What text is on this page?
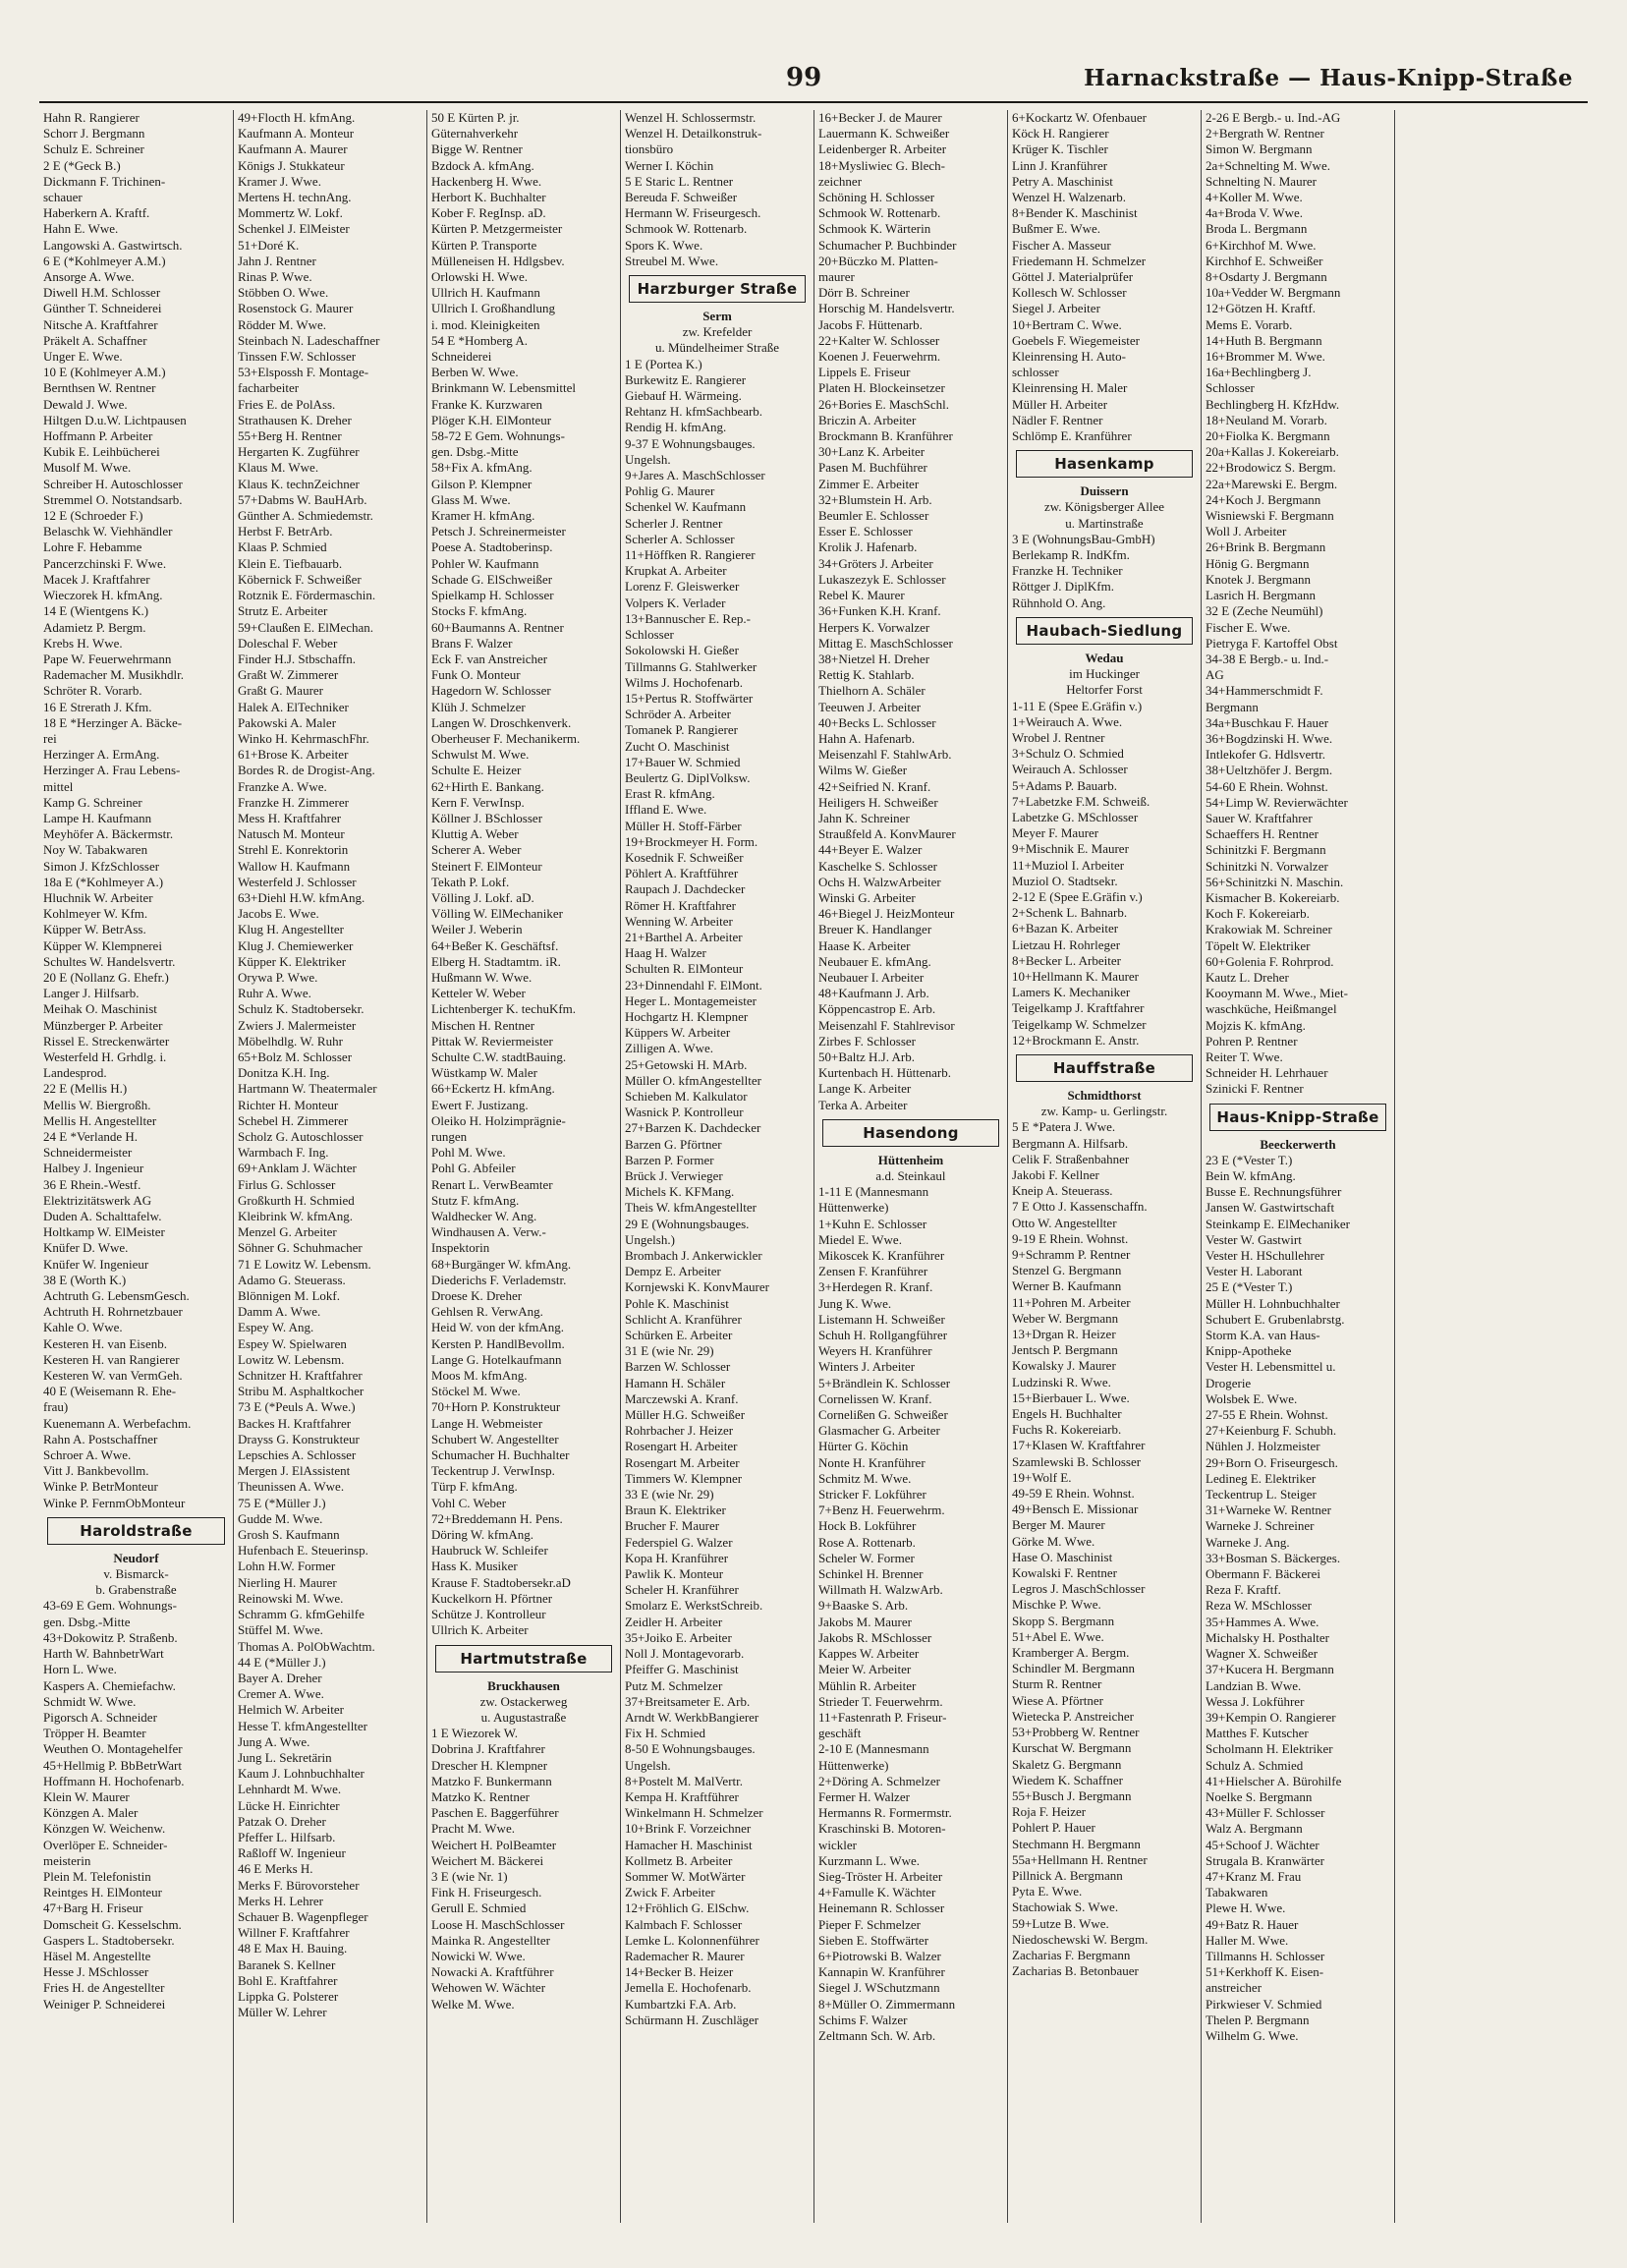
99	Harnackstraße — Haus-Knipp-Straße
Hahn R. Rangierer
Schorr J. Bergmann
Schulz E. Schreiner
2 E (*Geck B.)
Dickmann F. Trichinen-
schauer
Haberkern A. Kraftf.
Hahn E. Wwe.
Langowski A. Gastwirtsch.
6 E (*Kohlmeyer A.M.)
Ansorge A. Wwe.
Diwell H.M. Schlosser
Günther T. Schneiderei
Nitsche A. Kraftfahrer
Präkelt A. Schaffner
Unger E. Wwe.
10 E (Kohlmeyer A.M.)
Bernthsen W. Rentner
Dewald J. Wwe.
Hiltgen D.u.W. Lichtpausen
Hoffmann P. Arbeiter
Kubik E. Leihbücherei
Musolf M. Wwe.
Schreiber H. Autoschlosser
Stremmel O. Notstandsarb.
12 E (Schroeder F.)
Belaschk W. Viehhändler
Lohre F. Hebamme
Pancerzchinski F. Wwe.
Macek J. Kraftfahrer
Wieczorek H. kfmAng.
14 E (Wientgens K.)
Adamietz P. Bergm.
Krebs H. Wwe.
Pape W. Feuerwehrmann
Rademacher M. Musikhdlr.
Schröter R. Vorarb.
16 E Strerath J. Kfm.
18 E *Herzinger A. Bäcke-
rei
Herzinger A. ErmAng.
Herzinger A. Frau Lebens-
mittel
Kamp G. Schreiner
Lampe H. Kaufmann
Meyhöfer A. Bäckermstr.
Noy W. Tabakwaren
Simon J. KfzSchlosser
18a E (*Kohlmeyer A.)
Hluchnik W. Arbeiter
Kohlmeyer W. Kfm.
Küpper W. BetrAss.
Küpper W. Klempnerei
Schultes W. Handelsvertr.
20 E (Nollanz G. Ehefr.)
Langer J. Hilfsarb.
Meihak O. Maschinist
Münzberger P. Arbeiter
Rissel E. Streckenwärter
Westerfeld H. Grhdlg. i.
Landesprod.
22 E (Mellis H.)
Mellis W. Biergroßh.
Mellis H. Angestellter
24 E *Verlande H.
Schneidermeister
Halbey J. Ingenieur
36 E Rhein.-Westf.
Elektrizitätswerk AG
Duden A. Schalttafelw.
Holtkamp W. ElMeister
Knüfer D. Wwe.
Knüfer W. Ingenieur
38 E (Worth K.)
Achtruth G. LebensmGesch.
Achtruth H. Rohrnetzbauer
Kahle O. Wwe.
Kesteren H. van Eisenb.
Kesteren H. van Rangierer
Kesteren W. van VermGeh.
40 E (Weisemann R. Ehe-
frau)
Kuenemann A. Werbefachm.
Rahn A. Postschaffner
Schroer A. Wwe.
Vitt J. Bankbevollm.
Winke P. BetrMonteur
Winke P. FernmObMonteur
Haroldstraße
Neudorf
v. Bismarck-
b. Grabenstraße
43-69 E Gem. Wohnungs-
gen. Dsbg.-Mitte
43+Dokowitz P. Straßenb.
Harth W. BahnbetrWart
Horn L. Wwe.
Kaspers A. Chemiefachw.
Schmidt W. Wwe.
Pigorsch A. Schneider
Tröpper H. Beamter
Weuthen O. Montagehelfer
45+Hellmig P. BbBetrWart
Hoffmann H. Hochofenarb.
Klein W. Maurer
Könzgen A. Maler
Könzgen W. Weichenw.
Overlöper E. Schneider-
meisterin
Plein M. Telefonistin
Reintges H. ElMonteur
47+Barg H. Friseur
Domscheit G. Kesselschm.
Gaspers L. Stadtobersekr.
Häsel M. Angestellte
Hesse J. MSchlosser
Fries H. de Angestellter
Weiniger P. Schneiderei
49+Flocth H. kfmAng.
Kaufmann A. Monteur
Kaufmann A. Maurer
Königs J. Stukkateur
Kramer J. Wwe.
Mertens H. technAng.
Mommertz W. Lokf.
Schenkel J. ElMeister
51+Doré K.
Jahn J. Rentner
Rinas P. Wwe.
Stöbben O. Wwe.
Rosenstock G. Maurer
Rödder M. Wwe.
Steinbach N. Ladeschaffner
Tinssen F.W. Schlosser
53+Elspossh F. Montage-
facharbeiter
Fries E. de PolAss.
Strathausen K. Dreher
55+Berg H. Rentner
Hergarten K. Zugführer
Klaus M. Wwe.
Klaus K. technZeichner
57+Dabms W. BauHArb.
Günther A. Schmiedemstr.
Herbst F. BetrArb.
Klaas P. Schmied
Klein E. Tiefbauarb.
Köbernick F. Schweißer
Rotznik E. Fördermaschin.
Strutz E. Arbeiter
59+Claußen E. ElMechan.
Doleschal F. Weber
Finder H.J. Stbschaffn.
Graßt W. Zimmerer
Graßt G. Maurer
Halek A. ElTechniker
Pakowski A. Maler
Winko H. KehrmaschFhr.
61+Brose K. Arbeiter
Bordes R. de Drogist-Ang.
Franzke A. Wwe.
Franzke H. Zimmerer
Mess H. Kraftfahrer
Natusch M. Monteur
Strehl E. Konrektorin
Wallow H. Kaufmann
Westerfeld J. Schlosser
63+Diehl H.W. kfmAng.
Jacobs E. Wwe.
Klug H. Angestellter
Klug J. Chemiewerker
Küpper K. Elektriker
Orywa P. Wwe.
Ruhr A. Wwe.
Schulz K. Stadtobersekr.
Zwiers J. Malermeister
Möbelhdlg. W. Ruhr
65+Bolz M. Schlosser
Donitza K.H. Ing.
Hartmann W. Theatermaler
Richter H. Monteur
Schebel H. Zimmerer
Scholz G. Autoschlosser
Warmbach F. Ing.
69+Anklam J. Wächter
Firlus G. Schlosser
Großkurth H. Schmied
Kleibrink W. kfmAng.
Menzel G. Arbeiter
Söhner G. Schuhmacher
71 E Lowitz W. Lebensm.
Adamo G. Steuerass.
Blönnigen M. Lokf.
Damm A. Wwe.
Espey W. Ang.
Espey W. Spielwaren
Lowitz W. Lebensm.
Schnitzer H. Kraftfahrer
Stribu M. Asphaltkocher
73 E (*Peuls A. Wwe.)
Backes H. Kraftfahrer
Drayss G. Konstrukteur
Lepschies A. Schlosser
Mergen J. ElAssistent
Theunissen A. Wwe.
75 E (*Müller J.)
Gudde M. Wwe.
Grosh S. Kaufmann
Hufenbach E. Steuerinsp.
Lohn H.W. Former
Nierling H. Maurer
Reinowski M. Wwe.
Schramm G. kfmGehilfe
Stüffel M. Wwe.
Thomas A. PolObWachtm.
44 E (*Müller J.)
Bayer A. Dreher
Cremer A. Wwe.
Helmich W. Arbeiter
Hesse T. kfmAngestellter
Jung A. Wwe.
Jung L. Sekretärin
Kaum J. Lohnbuchhalter
Lehnhardt M. Wwe.
Lücke H. Einrichter
Patzak O. Dreher
Pfeffer L. Hilfsarb.
Raßloff W. Ingenieur
46 E Merks H.
Merks F. Bürovorsteher
Merks H. Lehrer
Schauer B. Wagenpfleger
Willner F. Kraftfahrer
48 E Max H. Bauing.
Baranek S. Kellner
Bohl E. Kraftfahrer
Lippka G. Polsterer
Müller W. Lehrer
50 E Kürten P. jr.
Güternahverkehr
Bigge W. Rentner
Bzdock A. kfmAng.
Hackenberg H. Wwe.
Herbort K. Buchhalter
Kober F. RegInsp. aD.
Kürten P. Metzgermeister
Kürten P. Transporte
Mülleneisen H. Hdlgsbev.
Orlowski H. Wwe.
Ullrich H. Kaufmann
Ullrich I. Großhandlung
i. mod. Kleinigkeiten
54 E *Homberg A.
Schneiderei
Berben W. Wwe.
Brinkmann W. Lebensmittel
Franke K. Kurzwaren
Plöger K.H. ElMonteur
58-72 E Gem. Wohnungs-
gen. Dsbg.-Mitte
58+Fix A. kfmAng.
Gilson P. Klempner
Glass M. Wwe.
Kramer H. kfmAng.
Petsch J. Schreinermeister
Poese A. Stadtoberinsp.
Pohler W. Kaufmann
Schade G. ElSchweißer
Spielkamp H. Schlosser
Stocks F. kfmAng.
60+Baumanns A. Rentner
Brans F. Walzer
Eck F. van Anstreicher
Funk O. Monteur
Hagedorn W. Schlosser
Klüh J. Schmelzer
Langen W. Droschkenverk.
Oberheuser F. Mechanikerm.
Schwulst M. Wwe.
Schulte E. Heizer
62+Hirth E. Bankang.
Kern F. VerwInsp.
Köllner J. BSchlosser
Kluttig A. Weber
Scherer A. Weber
Steinert F. ElMonteur
Tekath P. Lokf.
Völling J. Lokf. aD.
Völling W. ElMechaniker
Weiler J. Weberin
64+Beßer K. Geschäftsf.
Elberg H. Stadtamtm. iR.
Hußmann W. Wwe.
Ketteler W. Weber
Lichtenberger K. techuKfm.
Mischen H. Rentner
Pittak W. Reviermeister
Schulte C.W. stadtBauing.
Wüstkamp W. Maler
66+Eckertz H. kfmAng.
Ewert F. Justizang.
Oleiko H. Holzimprägnie-
rungen
Pohl M. Wwe.
Pohl G. Abfeiler
Renart L. VerwBeamter
Stutz F. kfmAng.
Waldhecker W. Ang.
Windhausen A. Verw.-
Inspektorin
68+Burgänger W. kfmAng.
Diederichs F. Verlademstr.
Droese K. Dreher
Gehlsen R. VerwAng.
Heid W. von der kfmAng.
Kersten P. HandlBevollm.
Lange G. Hotelkaufmann
Moos M. kfmAng.
Stöckel M. Wwe.
70+Horn P. Konstrukteur
Lange H. Webmeister
Schubert W. Angestellter
Schumacher H. Buchhalter
Teckentrup J. VerwInsp.
Türp F. kfmAng.
Vohl C. Weber
72+Breddemann H. Pens.
Döring W. kfmAng.
Haubruck W. Schleifer
Hass K. Musiker
Krause F. Stadtobersekr.aD
Kuckelkorn H. Pförtner
Schütze J. Kontrolleur
Ullrich K. Arbeiter
Hartmutstraße
Bruckhausen
zw. Ostackerweg
u. Augustastraße
1 E Wiezorek W.
Dobrina J. Kraftfahrer
Drescher H. Klempner
Matzko F. Bunkermann
Matzko K. Rentner
Paschen E. Baggerführer
Pracht M. Wwe.
Weichert H. PolBeamter
Weichert M. Bäckerei
3 E (wie Nr. 1)
Fink H. Friseurgesch.
Gerull E. Schmied
Loose H. MaschSchlosser
Mainka R. Angestellter
Nowicki W. Wwe.
Nowacki A. Kraftführer
Wehowen W. Wächter
Welke M. Wwe.
Wenzel H. Schlossermstr.
Wenzel H. Detailkonstruk-
tionsbüro
Werner I. Köchin
5 E Staric L. Rentner
Bereuda F. Schweißer
Hermann W. Friseurgesch.
Schmook W. Rottenarb.
Spors K. Wwe.
Streubel M. Wwe.
Harzburger Straße
Serm
zw. Krefelder
u. Mündelheimer Straße
1 E (Portea K.)
Burkewitz E. Rangierer
Giebauf H. Wärmeing.
Rehtanz H. kfmSachbearb.
Rendig H. kfmAng.
9-37 E Wohnungsbauges.
Ungelsh.
9+Jares A. MaschSchlosser
Pohlig G. Maurer
Schenkel W. Kaufmann
Scherler J. Rentner
Scherler A. Schlosser
11+Höffken R. Rangierer
Krupkat A. Arbeiter
Lorenz F. Gleiswerker
Volpers K. Verlader
13+Bannuscher E. Rep.-
Schlosser
Sokolowski H. Gießer
Tillmanns G. Stahlwerker
Wilms J. Hochofenarb.
15+Pertus R. Stoffwärter
Schröder A. Arbeiter
Tomanek P. Rangierer
Zucht O. Maschinist
17+Bauer W. Schmied
Beulertz G. DiplVolksw.
Erast R. kfmAng.
Iffland E. Wwe.
Müller H. Stoff-Färber
19+Brockmeyer H. Form.
Kosednik F. Schweißer
Pöhlert A. Kraftführer
Raupach J. Dachdecker
Römer H. Kraftfahrer
Wenning W. Arbeiter
21+Barthel A. Arbeiter
Haag H. Walzer
Schulten R. ElMonteur
23+Dinnendahl F. ElMont.
Heger L. Montagemeister
Hochgartz H. Klempner
Küppers W. Arbeiter
Zilligen A. Wwe.
25+Getowski H. MArb.
Müller O. kfmAngestellter
Schieben M. Kalkulator
Wasnick P. Kontrolleur
27+Barzen K. Dachdecker
Barzen G. Pförtner
Barzen P. Former
Brück J. Verwieger
Michels K. KFMang.
Theis W. kfmAngestellter
29 E (Wohnungsbauges.
Ungelsh.)
Brombach J. Ankerwickler
Dempz E. Arbeiter
Kornjewski K. KonvMaurer
Pohle K. Maschinist
Schlicht A. Kranführer
Schürken E. Arbeiter
31 E (wie Nr. 29)
Barzen W. Schlosser
Hamann H. Schäler
Marczewski A. Kranf.
Müller H.G. Schweißer
Rohrbacher J. Heizer
Rosengart H. Arbeiter
Rosengart M. Arbeiter
Timmers W. Klempner
33 E (wie Nr. 29)
Braun K. Elektriker
Brucher F. Maurer
Federspiel G. Walzer
Kopa H. Kranführer
Pawlik K. Monteur
Scheler H. Kranführer
Smolarz E. WerkstSchreib.
Zeidler H. Arbeiter
35+Joiko E. Arbeiter
Noll J. Montagevorarb.
Pfeiffer G. Maschinist
Putz M. Schmelzer
37+Breitsameter E. Arb.
Arndt W. WerkbBangierer
Fix H. Schmied
8-50 E Wohnungsbauges.
Ungelsh.
8+Postelt M. MalVertr.
Kempa H. Kraftführer
Winkelmann H. Schmelzer
10+Brink F. Vorzeichner
Hamacher H. Maschinist
Kollmetz B. Arbeiter
Sommer W. MotWärter
Zwick F. Arbeiter
12+Fröhlich G. ElSchw.
Kalmbach F. Schlosser
Lemke L. Kolonnenführer
Rademacher R. Maurer
14+Becker B. Heizer
Jemella E. Hochofenarb.
Kumbartzki F.A. Arb.
Schürmann H. Zuschläger
16+Becker J. de Maurer
Lauermann K. Schweißer
Leidenberger R. Arbeiter
18+Mysliwiec G. Blech-
zeichner
Schöning H. Schlosser
Schmook W. Rottenarb.
Schmook K. Wärterin
Schumacher P. Buchbinder
20+Büczko M. Platten-
maurer
Dörr B. Schreiner
Horschig M. Handelsvertr.
Jacobs F. Hüttenarb.
22+Kalter W. Schlosser
Koenen J. Feuerwehrm.
Lippels E. Friseur
Platen H. Blockeinsetzer
26+Bories E. MaschSchl.
Briczin A. Arbeiter
Brockmann B. Kranführer
30+Lanz K. Arbeiter
Pasen M. Buchführer
Zimmer E. Arbeiter
32+Blumstein H. Arb.
Beumler E. Schlosser
Esser E. Schlosser
Krolik J. Hafenarb.
34+Gröters J. Arbeiter
Lukaszezyk E. Schlosser
Rebel K. Maurer
36+Funken K.H. Kranf.
Herpers K. Vorwalzer
Mittag E. MaschSchlosser
38+Nietzel H. Dreher
Rettig K. Stahlarb.
Thielhorn A. Schäler
Teeuwen J. Arbeiter
40+Becks L. Schlosser
Hahn A. Hafenarb.
Meisenzahl F. StahlwArb.
Wilms W. Gießer
42+Seifried N. Kranf.
Heiligers H. Schweißer
Jahn K. Schreiner
Straußfeld A. KonvMaurer
44+Beyer E. Walzer
Kaschelke S. Schlosser
Ochs H. WalzwArbeiter
Winski G. Arbeiter
46+Biegel J. HeizMonteur
Breuer K. Handlanger
Haase K. Arbeiter
Neubauer E. kfmAng.
Neubauer I. Arbeiter
48+Kaufmann J. Arb.
Köppencastrop E. Arb.
Meisenzahl F. Stahlrevisor
Zirbes F. Schlosser
50+Baltz H.J. Arb.
Kurtenbach H. Hüttenarb.
Lange K. Arbeiter
Terka A. Arbeiter
Hasendong
Hüttenheim
a.d. Steinkaul
1-11 E (Mannesmann
Hüttenwerke)
1+Kuhn E. Schlosser
Miedel E. Wwe.
Mikoscek K. Kranführer
Zensen F. Kranführer
3+Herdegen R. Kranf.
Jung K. Wwe.
Listemann H. Schweißer
Schuh H. Rollgangführer
Weyers H. Kranführer
Winters J. Arbeiter
5+Brändlein K. Schlosser
Cornelissen W. Kranf.
Cornelißen G. Schweißer
Glasmacher G. Arbeiter
Hürter G. Köchin
Nonte H. Kranführer
Schmitz M. Wwe.
Stricker F. Lokführer
7+Benz H. Feuerwehrm.
Hock B. Lokführer
Rose A. Rottenarb.
Scheler W. Former
Schinkel H. Brenner
Willmath H. WalzwArb.
9+Baaske S. Arb.
Jakobs M. Maurer
Jakobs R. MSchlosser
Kappes W. Arbeiter
Meier W. Arbeiter
Mühlin R. Arbeiter
Strieder T. Feuerwehrm.
11+Fastenrath P. Friseur-
geschäft
2-10 E (Mannesmann
Hüttenwerke)
2+Döring A. Schmelzer
Fermer H. Walzer
Hermanns R. Formermstr.
Kraschinski B. Motoren-
wickler
Kurzmann L. Wwe.
Sieg-Tröster H. Arbeiter
4+Famulle K. Wächter
Heinemann R. Schlosser
Pieper F. Schmelzer
Sieben E. Stoffwärter
6+Piotrowski B. Walzer
Kannapin W. Kranführer
Siegel J. WSchutzmann
8+Müller O. Zimmermann
Schims F. Walzer
Zeltmann Sch. W. Arb.
6+Kockartz W. Ofenbauer
Köck H. Rangierer
Krüger K. Tischler
Linn J. Kranführer
Petry A. Maschinist
Wenzel H. Walzenarb.
8+Bender K. Maschinist
Bußmer E. Wwe.
Fischer A. Masseur
Friedemann H. Schmelzer
Göttel J. Materialprüfer
Kollesch W. Schlosser
Siegel J. Arbeiter
10+Bertram C. Wwe.
Goebels F. Wiegemeister
Kleinrensing H. Auto-
schlosser
Kleinrensing H. Maler
Müller H. Arbeiter
Nädler F. Rentner
Schlömp E. Kranführer
Hasenkamp
Duissern
zw. Königsberger Allee
u. Martinstraße
3 E (WohnungsBau-GmbH)
Berlekamp R. IndKfm.
Franzke H. Techniker
Röttger J. DiplKfm.
Rühnhold O. Ang.
Haubach-Siedlung
Wedau
im Huckinger
Heltorfer Forst
1-11 E (Spee E.Gräfin v.)
1+Weirauch A. Wwe.
Wrobel J. Rentner
3+Schulz O. Schmied
Weirauch A. Schlosser
5+Adams P. Bauarb.
7+Labetzke F.M. Schweiß.
Labetzke G. MSchlosser
Meyer F. Maurer
9+Mischnik E. Maurer
11+Muziol I. Arbeiter
Muziol O. Stadtsekr.
2-12 E (Spee E.Gräfin v.)
2+Schenk L. Bahnarb.
6+Bazan K. Arbeiter
Lietzau H. Rohrleger
8+Becker L. Arbeiter
10+Hellmann K. Maurer
Lamers K. Mechaniker
Teigelkamp J. Kraftfahrer
Teigelkamp W. Schmelzer
12+Brockmann E. Anstr.
Hauffstraße
Schmidthorst
zw. Kamp- u. Gerlingstr.
5 E *Patera J. Wwe.
Bergmann A. Hilfsarb.
Celik F. Straßenbahner
Jakobi F. Kellner
Kneip A. Steuerass.
7 E Otto J. Kassenschaffn.
Otto W. Angestellter
9-19 E Rhein. Wohnst.
9+Schramm P. Rentner
Stenzel G. Bergmann
Werner B. Kaufmann
11+Pohren M. Arbeiter
Weber W. Bergmann
13+Drgan R. Heizer
Jentsch P. Bergmann
Kowalsky J. Maurer
Ludzinski R. Wwe.
15+Bierbauer L. Wwe.
Engels H. Buchhalter
Fuchs R. Kokereiarb.
17+Klasen W. Kraftfahrer
Szamlewski B. Schlosser
19+Wolf E.
49-59 E Rhein. Wohnst.
49+Bensch E. Missionar
Berger M. Maurer
Görke M. Wwe.
Hase O. Maschinist
Kowalski F. Rentner
Legros J. MaschSchlosser
Mischke P. Wwe.
Skopp S. Bergmann
51+Abel E. Wwe.
Kramberger A. Bergm.
Schindler M. Bergmann
Sturm R. Rentner
Wiese A. Pförtner
Wietecka P. Anstreicher
53+Probberg W. Rentner
Kurschat W. Bergmann
Skaletz G. Bergmann
Wiedem K. Schaffner
55+Busch J. Bergmann
Roja F. Heizer
Pohlert P. Hauer
Stechmann H. Bergmann
55a+Hellmann H. Rentner
Pillnick A. Bergmann
Pyta E. Wwe.
Stachowiak S. Wwe.
59+Lutze B. Wwe.
Niedoschewski W. Bergm.
Zacharias F. Bergmann
Zacharias B. Betonbauer
2-26 E Bergb.- u. Ind.-AG
2+Bergrath W. Rentner
Simon W. Bergmann
2a+Schnelting M. Wwe.
Schnelting N. Maurer
4+Koller M. Wwe.
4a+Broda V. Wwe.
Broda L. Bergmann
6+Kirchhof M. Wwe.
Kirchhof E. Schweißer
8+Osdarty J. Bergmann
10a+Vedder W. Bergmann
12+Götzen H. Kraftf.
Mems E. Vorarb.
14+Huth B. Bergmann
16+Brommer M. Wwe.
16a+Bechlingberg J.
Schlosser
Bechlingberg H. KfzHdw.
18+Neuland M. Vorarb.
20+Fiolka K. Bergmann
20a+Kallas J. Kokereiarb.
22+Brodowicz S. Bergm.
22a+Marewski E. Bergm.
24+Koch J. Bergmann
Wisniewski F. Bergmann
Woll J. Arbeiter
26+Brink B. Bergmann
Hönig G. Bergmann
Knotek J. Bergmann
Lasrich H. Bergmann
32 E (Zeche Neumühl)
Fischer E. Wwe.
Pietryga F. Kartoffel Obst
34-38 E Bergb.- u. Ind.-
AG
34+Hammerschmidt F.
Bergmann
34a+Buschkau F. Hauer
36+Bogdzinski H. Wwe.
Intlekofer G. Hdlsvertr.
38+Ueltzhöfer J. Bergm.
54-60 E Rhein. Wohnst.
54+Limp W. Revierwächter
Sauer W. Kraftfahrer
Schaeffers H. Rentner
Schinitzki F. Bergmann
Schinitzki N. Vorwalzer
56+Schinitzki N. Maschin.
Kismacher B. Kokereiarb.
Koch F. Kokereiarb.
Krakowiak M. Schreiner
Töpelt W. Elektriker
60+Golenia F. Rohrprod.
Kautz L. Dreher
Kooymann M. Wwe., Miet-
waschküche, Heißmangel
Mojzis K. kfmAng.
Pohren P. Rentner
Reiter T. Wwe.
Schneider H. Lehrhauer
Szinicki F. Rentner
Haus-Knipp-Straße
Beeckerwerth
23 E (*Vester T.)
Bein W. kfmAng.
Busse E. Rechnungsführer
Jansen W. Gastwirtschaft
Steinkamp E. ElMechaniker
Vester W. Gastwirt
Vester H. HSchullehrer
Vester H. Laborant
25 E (*Vester T.)
Müller H. Lohnbuchhalter
Schubert E. Grubenlabrstg.
Storm K.A. van Haus-
Knipp-Apotheke
Vester H. Lebensmittel u.
Drogerie
Wolsbek E. Wwe.
27-55 E Rhein. Wohnst.
27+Keienburg F. Schubh.
Nühlen J. Holzmeister
29+Born O. Friseurgesch.
Ledineg E. Elektriker
Teckentrup L. Steiger
31+Warneke W. Rentner
Warneke J. Schreiner
Warneke J. Ang.
33+Bosman S. Bäckerges.
Obermann F. Bäckerei
Reza F. Kraftf.
Reza W. MSchlosser
35+Hammes A. Wwe.
Michalsky H. Posthalter
Wagner X. Schweißer
37+Kucera H. Bergmann
Landzian B. Wwe.
Wessa J. Lokführer
39+Kempin O. Rangierer
Matthes F. Kutscher
Scholmann H. Elektriker
Schulz A. Schmied
41+Hielscher A. Bürohilfe
Noelke S. Bergmann
43+Müller F. Schlosser
Walz A. Bergmann
45+Schoof J. Wächter
Strugala B. Kranwärter
47+Kranz M. Frau
Tabakwaren
Plewe H. Wwe.
49+Batz R. Hauer
Haller M. Wwe.
Tillmanns H. Schlosser
51+Kerkhoff K. Eisen-
anstreicher
Pirkwieser V. Schmied
Thelen P. Bergmann
Wilhelm G. Wwe.
